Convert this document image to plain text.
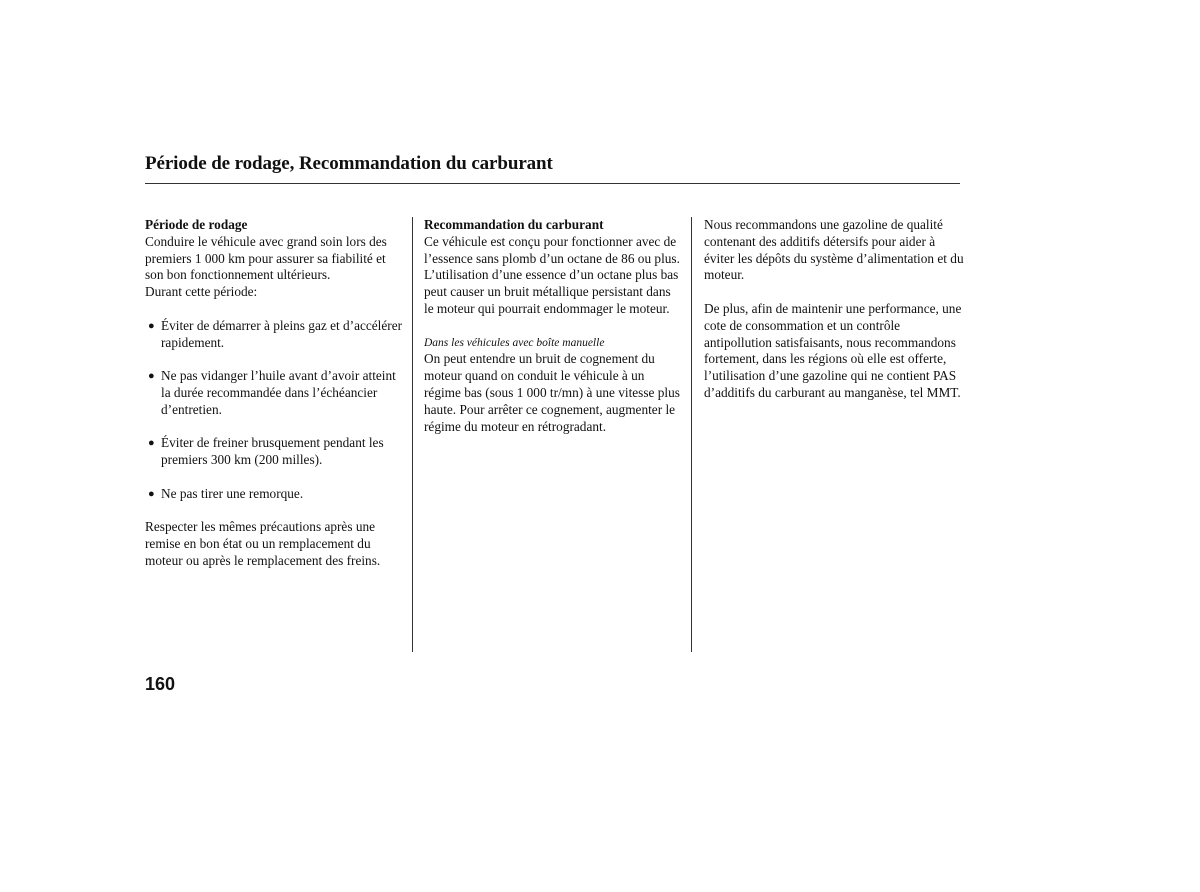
Période de rodage, Recommandation du carburant
Période de rodage

Conduire le véhicule avec grand soin lors des premiers 1 000 km pour assurer sa fiabilité et son bon fonctionnement ultérieurs.

Durant cette période:

● Éviter de démarrer à pleins gaz et d’accélérer rapidement.
● Ne pas vidanger l’huile avant d’avoir atteint la durée recommandée dans l’échéancier d’entretien.
● Éviter de freiner brusquement pendant les premiers 300 km (200 milles).
● Ne pas tirer une remorque.

Respecter les mêmes précautions après une remise en bon état ou un remplacement du moteur ou après le remplacement des freins.

Recommandation du carburant

Ce véhicule est conçu pour fonctionner avec de l’essence sans plomb d’un octane de 86 ou plus. L’utilisation d’une essence d’un octane plus bas peut causer un bruit métallique persistant dans le moteur qui pourrait endommager le moteur.

Dans les véhicules avec boîte manuelle

On peut entendre un bruit de cognement du moteur quand on conduit le véhicule à un régime bas (sous 1 000 tr/mn) à une vitesse plus haute. Pour arrêter ce cognement, augmenter le régime du moteur en rétrogradant.

Nous recommandons une gazoline de qualité contenant des additifs détersifs pour aider à éviter les dépôts du système d’alimentation et du moteur.

De plus, afin de maintenir une performance, une cote de consommation et un contrôle antipollution satisfaisants, nous recommandons fortement, dans les régions où elle est offerte, l’utilisation d’une gazoline qui ne contient PAS d’additifs du carburant au manganèse, tel MMT.

160
